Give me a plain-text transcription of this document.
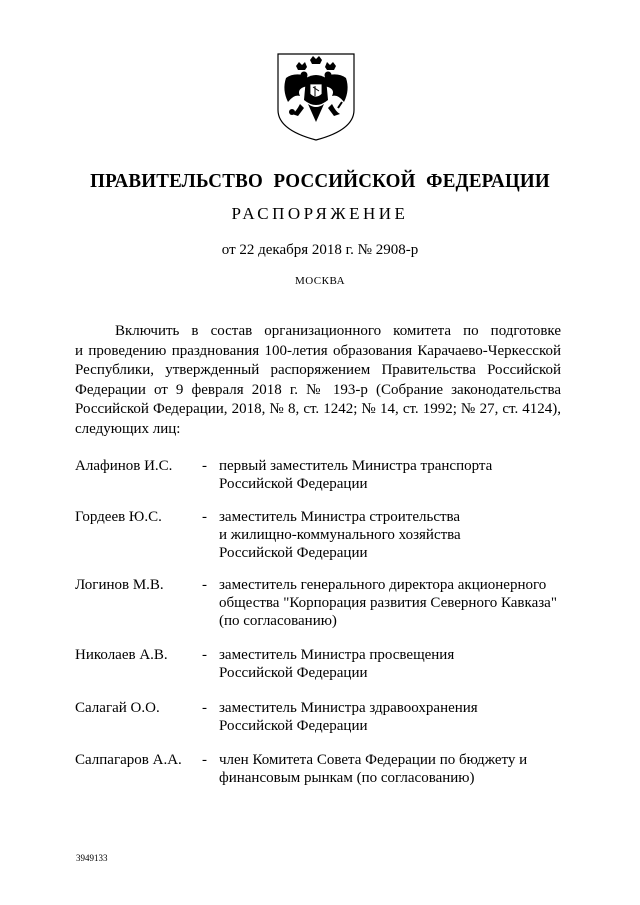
ПРАВИТЕЛЬСТВО РОССИЙСКОЙ ФЕДЕРАЦИИ
РАСПОРЯЖЕНИЕ
от 22 декабря 2018 г. № 2908-р
МОСКВА
Включить в состав организационного комитета по подготовке
и проведению празднования 100-летия образования Карачаево-Черкесской
Республики, утвержденный распоряжением Правительства Российской
Федерации от 9 февраля 2018 г. № 193-р (Собрание законодательства
Российской Федерации, 2018, № 8, ст. 1242; № 14, ст. 1992; № 27, ст. 4124),
следующих лиц:
Алафинов И.С. - первый заместитель Министра транспорта
Российской Федерации
Гордеев Ю.С.	- заместитель Министра строительства
и жилищно-коммунального хозяйства
Российской Федерации
Логинов М.В.	- заместитель генерального директора акционерного
общества "Корпорация развития Северного Кавказа"
(по согласованию)
Николаев А.В. - заместитель Министра просвещения
Российской Федерации
Салагай О.О.	- заместитель Министра здравоохранения
Российской Федерации
Салпагаров А.А. - член Комитета Совета Федерации по бюджету и
финансовым рынкам (по согласованию)
3949133
